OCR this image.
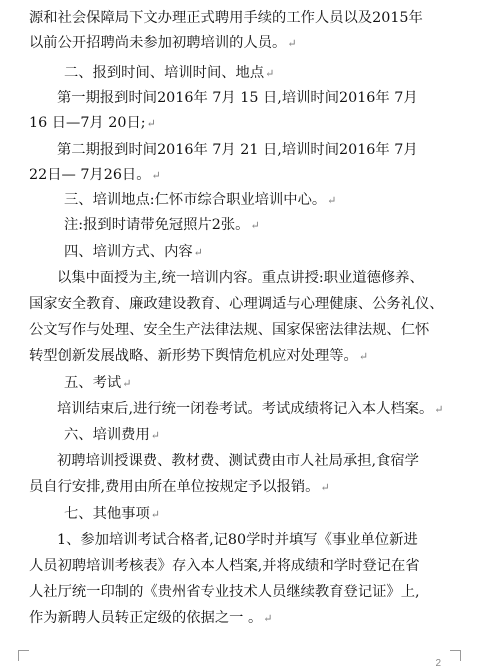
源和社会保障局下文办理正式聘用手续的工作人员以及2015年
以前公开招聘尚未参加初聘培训的人员。↵
二、报到时间、培训时间、地点↵
第一期报到时间2016年 7月 15 日,培训时间2016年 7月
16 日—7月 20日;↵
第二期报到时间2016年 7月 21 日,培训时间2016年 7月
22日— 7月26日。↵
三、培训地点:仁怀市综合职业培训中心。↵
注:报到时请带免冠照片2张。↵
四、培训方式、内容↵
以集中面授为主,统一培训内容。重点讲授:职业道德修养、
国家安全教育、廉政建设教育、心理调适与心理健康、公务礼仪、
公文写作与处理、安全生产法律法规、国家保密法律法规、仁怀
转型创新发展战略、新形势下舆情危机应对处理等。↵
五、考试↵
培训结束后,进行统一闭卷考试。考试成绩将记入本人档案。↵
六、培训费用↵
初聘培训授课费、教材费、测试费由市人社局承担,食宿学
员自行安排,费用由所在单位按规定予以报销。↵
七、其他事项↵
1、参加培训考试合格者,记80学时并填写《事业单位新进
人员初聘培训考核表》存入本人档案,并将成绩和学时登记在省
人社厅统一印制的《贵州省专业技术人员继续教育登记证》上,
作为新聘人员转正定级的依据之一 。↵
2
